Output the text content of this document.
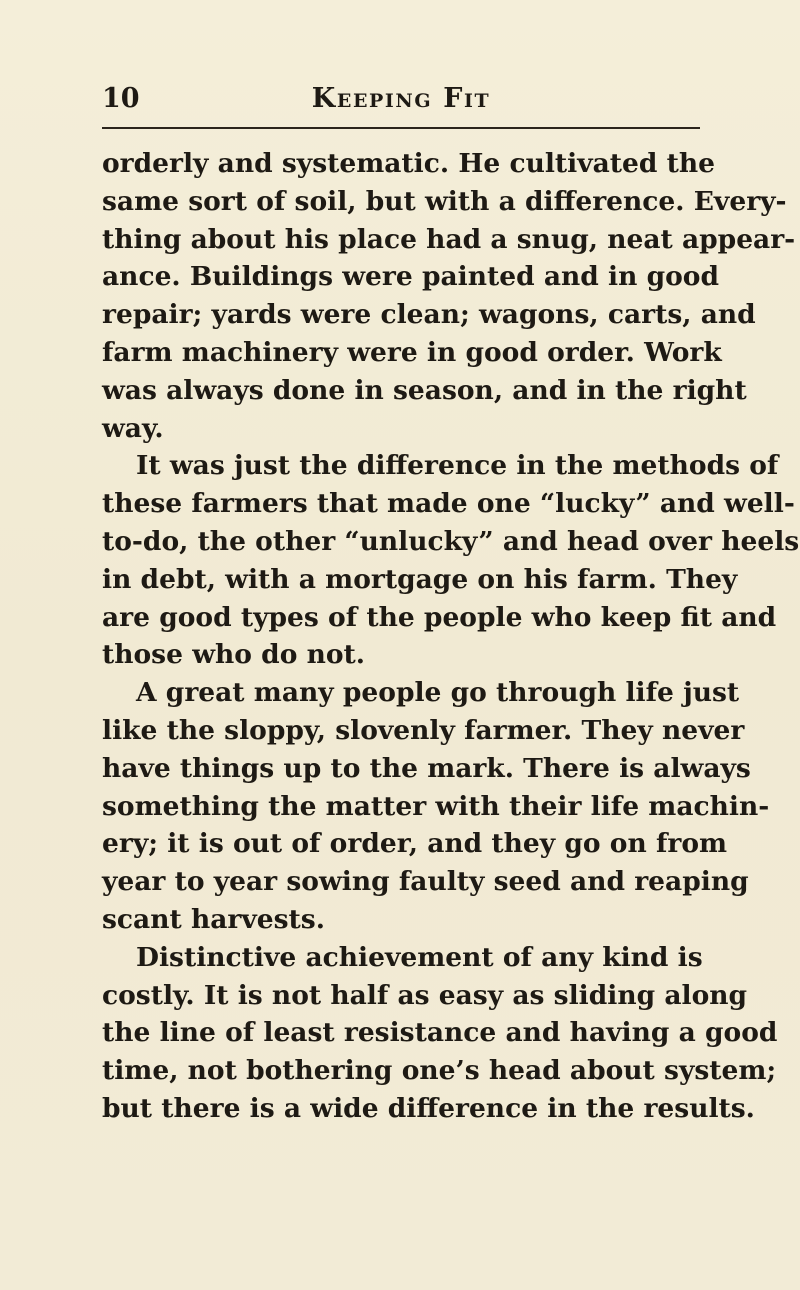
10	Keeping Fit
orderly and systematic. He cultivated the
same sort of soil, but with a difference. Every-
thing about his place had a snug, neat appear-
ance. Buildings were painted and in good
repair; yards were clean; wagons, carts, and
farm machinery were in good order. Work
was always done in season, and in the right
way.
It was just the difference in the methods of
these farmers that made one “lucky” and well-
to-do, the other “unlucky” and head over heels
in debt, with a mortgage on his farm. They
are good types of the people who keep fit and
those who do not.
A great many people go through life just
like the sloppy, slovenly farmer. They never
have things up to the mark. There is always
something the matter with their life machin-
ery; it is out of order, and they go on from
year to year sowing faulty seed and reaping
scant harvests.
Distinctive achievement of any kind is
costly. It is not half as easy as sliding along
the line of least resistance and having a good
time, not bothering one’s head about system;
but there is a wide difference in the results.
